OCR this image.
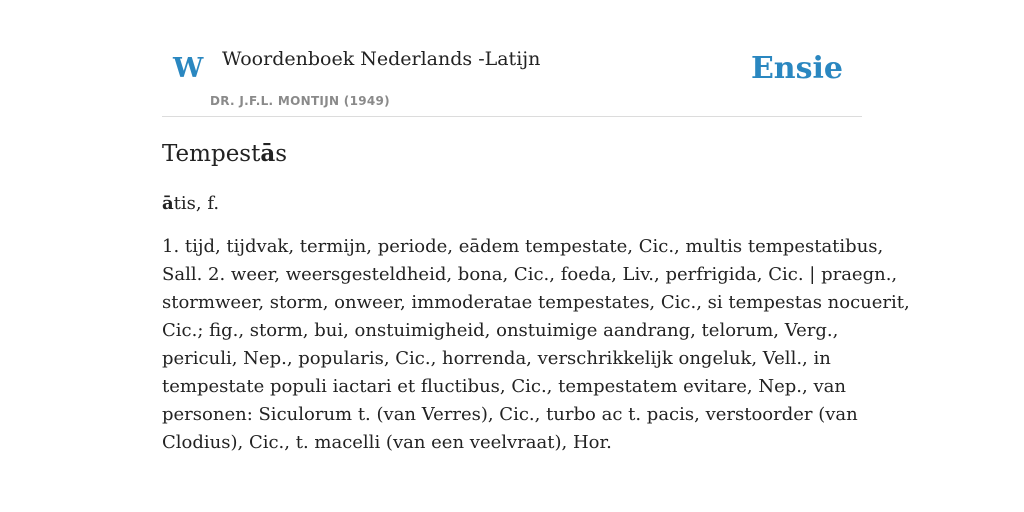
W Woordenboek Nederlands -Latijn
DR. J.F.L. MONTIJN (1949)
Ensie
Tempestās

ātis, f.

1. tijd, tijdvak, termijn, periode, eādem tempestate, Cic., multis tempestatibus,
Sall. 2. weer, weersgesteldheid, bona, Cic., foeda, Liv., perfrigida, Cic. | praegn.,
stormweer, storm, onweer, immoderatae tempestates, Cic., si tempestas nocuerit,
Cic.; fig., storm, bui, onstuimigheid, onstuimige aandrang, telorum, Verg.,
periculi, Nep., popularis, Cic., horrenda, verschrikkelijk ongeluk, Vell., in
tempestate populi iactari et fluctibus, Cic., tempestatem evitare, Nep., van
personen: Siculorum t. (van Verres), Cic., turbo ac t. pacis, verstoorder (van
Clodius), Cic., t. macelli (van een veelvraat), Hor.
